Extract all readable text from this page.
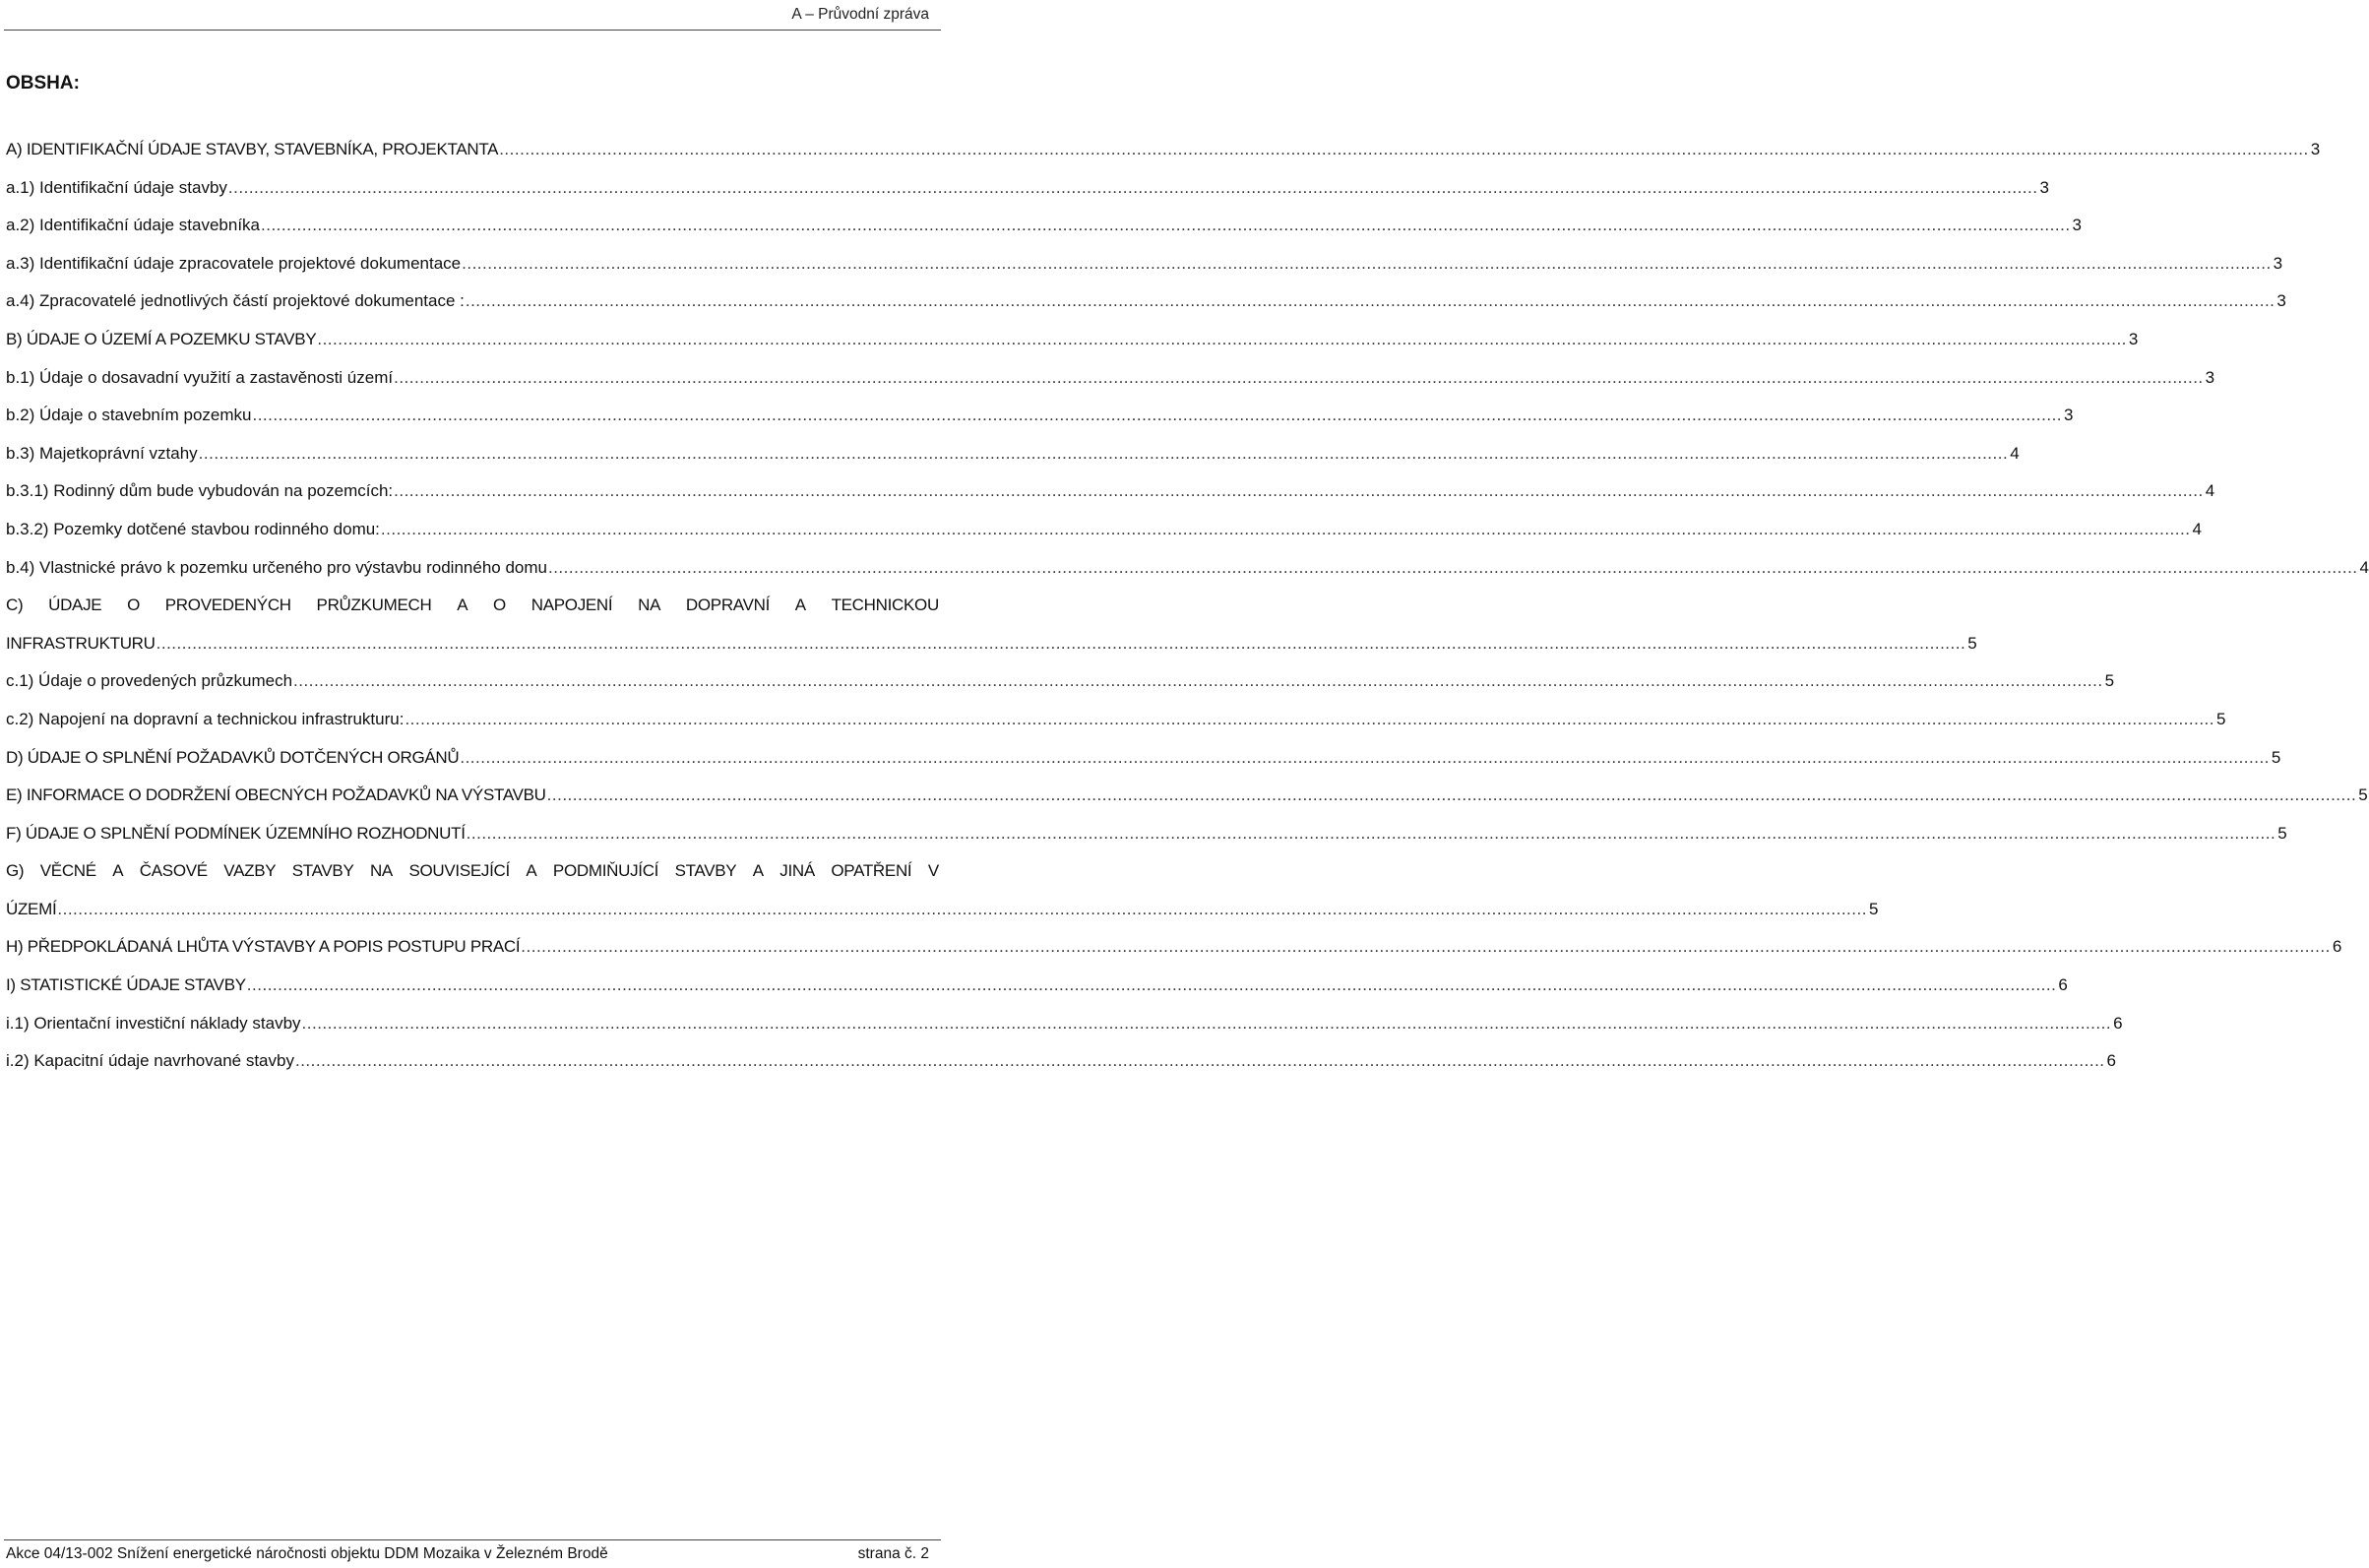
A – Průvodní zpráva
OBSHA:
A) IDENTIFIKAČNÍ ÚDAJE STAVBY, STAVEBNÍKA, PROJEKTANTA .....	3
a.1) Identifikační údaje stavby .....	3
a.2) Identifikační údaje stavebníka .....	3
a.3) Identifikační údaje zpracovatele projektové dokumentace .....	3
a.4) Zpracovatelé jednotlivých částí projektové dokumentace : .....	3
B) ÚDAJE O ÚZEMÍ A POZEMKU STAVBY .....	3
b.1) Údaje o dosavadní využití a zastavěnosti území .....	3
b.2) Údaje o stavebním pozemku .....	3
b.3) Majetkoprávní vztahy .....	4
b.3.1) Rodinný dům bude vybudován na pozemcích: .....	4
b.3.2) Pozemky dotčené stavbou rodinného domu: .....	4
b.4) Vlastnické právo k pozemku určeného pro výstavbu rodinného domu .....	4
C) ÚDAJE O PROVEDENÝCH PRŮZKUMECH A O NAPOJENÍ NA DOPRAVNÍ A TECHNICKOU
INFRASTRUKTURU .....	5
c.1) Údaje o provedených průzkumech .....	5
c.2) Napojení na dopravní a technickou infrastrukturu: .....	5
D) ÚDAJE O SPLNĚNÍ POŽADAVKŮ DOTČENÝCH ORGÁNŮ .....	5
E) INFORMACE O DODRŽENÍ OBECNÝCH POŽADAVKŮ NA VÝSTAVBU .....	5
F) ÚDAJE O SPLNĚNÍ PODMÍNEK ÚZEMNÍHO ROZHODNUTÍ .....	5
G) VĚCNÉ A ČASOVÉ VAZBY STAVBY NA SOUVISEJÍCÍ A PODMIŇUJÍCÍ STAVBY A JINÁ OPATŘENÍ V
ÚZEMÍ .....	5
H) PŘEDPOKLÁDANÁ LHŮTA VÝSTAVBY A POPIS POSTUPU PRACÍ .....	6
I) STATISTICKÉ ÚDAJE STAVBY .....	6
i.1) Orientační investiční náklady stavby .....	6
i.2) Kapacitní údaje navrhované stavby .....	6
Akce 04/13-002 Snížení energetické náročnosti objektu DDM Mozaika v Železném Brodě	strana č. 2
